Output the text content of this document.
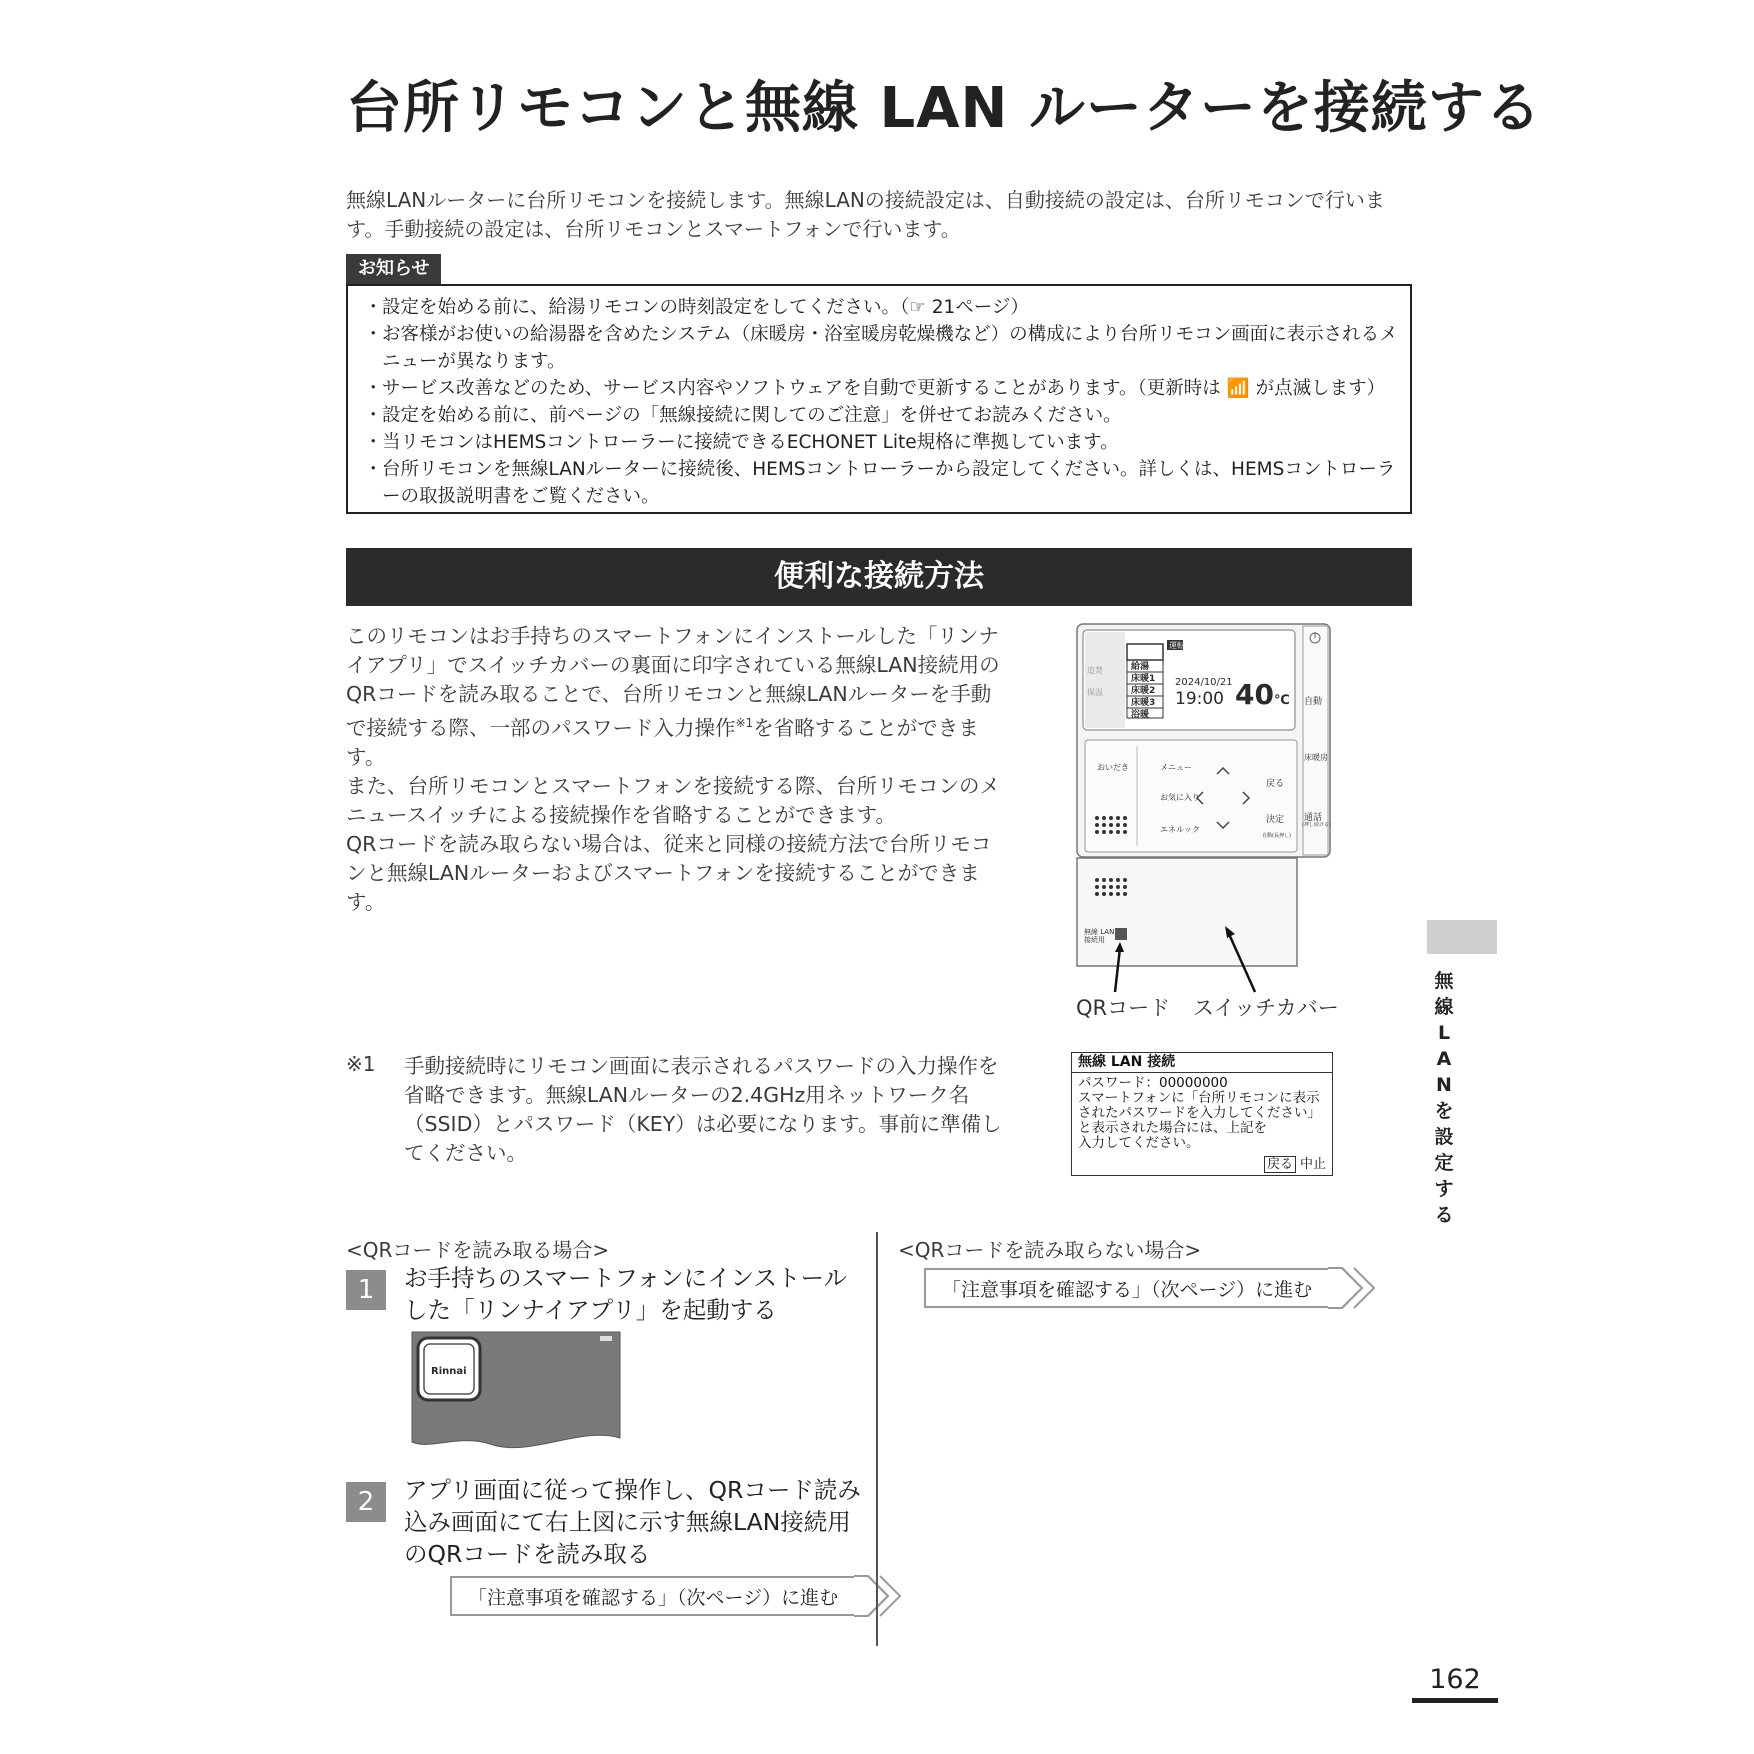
台所リモコンと無線 LAN ルーターを接続する
無線LANルーターに台所リモコンを接続します。無線LANの接続設定は、自動接続の設定は、台所リモコンで行います。手動接続の設定は、台所リモコンとスマートフォンで行います。
お知らせ
・ 設定を始める前に、給湯リモコンの時刻設定をしてください。（☞ 21ページ）
・ お客様がお使いの給湯器を含めたシステム（床暖房・浴室暖房乾燥機など）の構成により台所リモコン画面に表示されるメニューが異なります。
・ サービス改善などのため、サービス内容やソフトウェアを自動で更新することがあります。（更新時は 📶 が点滅します）
・ 設定を始める前に、前ページの「無線接続に関してのご注意」を併せてお読みください。
・ 当リモコンはHEMSコントローラーに接続できるECHONET Lite規格に準拠しています。
・ 台所リモコンを無線LANルーターに接続後、HEMSコントローラーから設定してください。詳しくは、HEMSコントローラーの取扱説明書をご覧ください。
便利な接続方法
このリモコンはお手持ちのスマートフォンにインストールした「リンナイアプリ」でスイッチカバーの裏面に印字されている無線LAN接続用のQRコードを読み取ることで、台所リモコンと無線LANルーターを手動で接続する際、一部のパスワード入力操作$^{※1}$を省略することができます。
また、台所リモコンとスマートフォンを接続する際、台所リモコンのメニュースイッチによる接続操作を省略することができます。
QRコードを読み取らない場合は、従来と同様の接続方法で台所リモコンと無線LANルーターおよびスマートフォンを接続することができます。
給湯
床暖1
床暖2
床暖3
浴暖
運転
追焚
保温
2024/10/21
19:00 40℃ 自動
床暖房
通話
(押し続ける)
おいだき	メニュー
お気に入り
エネルック
戻る
決定
自動(長押し)
無線 LAN
接続用
QRコード スイッチカバー
※1 手動接続時にリモコン画面に表示されるパスワードの入力操作を省略できます。無線LANルーターの2.4GHz用ネットワーク名（SSID）とパスワード（KEY）は必要になります。事前に準備してください。
無線 LAN 接続
パスワード：00000000
スマートフォンに「台所リモコンに表示
されたパスワードを入力してください」
と表示された場合には、上記を
入力してください。
戻る 中止
無線LANを設定する
<QRコードを読み取る場合>
1	お手持ちのスマートフォンにインストールした「リンナイアプリ」を起動する
Rinnai
2	アプリ画面に従って操作し、QRコード読み込み画面にて右上図に示す無線LAN接続用のQRコードを読み取る
「注意事項を確認する」（次ページ）に進む
<QRコードを読み取らない場合>
「注意事項を確認する」（次ページ）に進む
162
